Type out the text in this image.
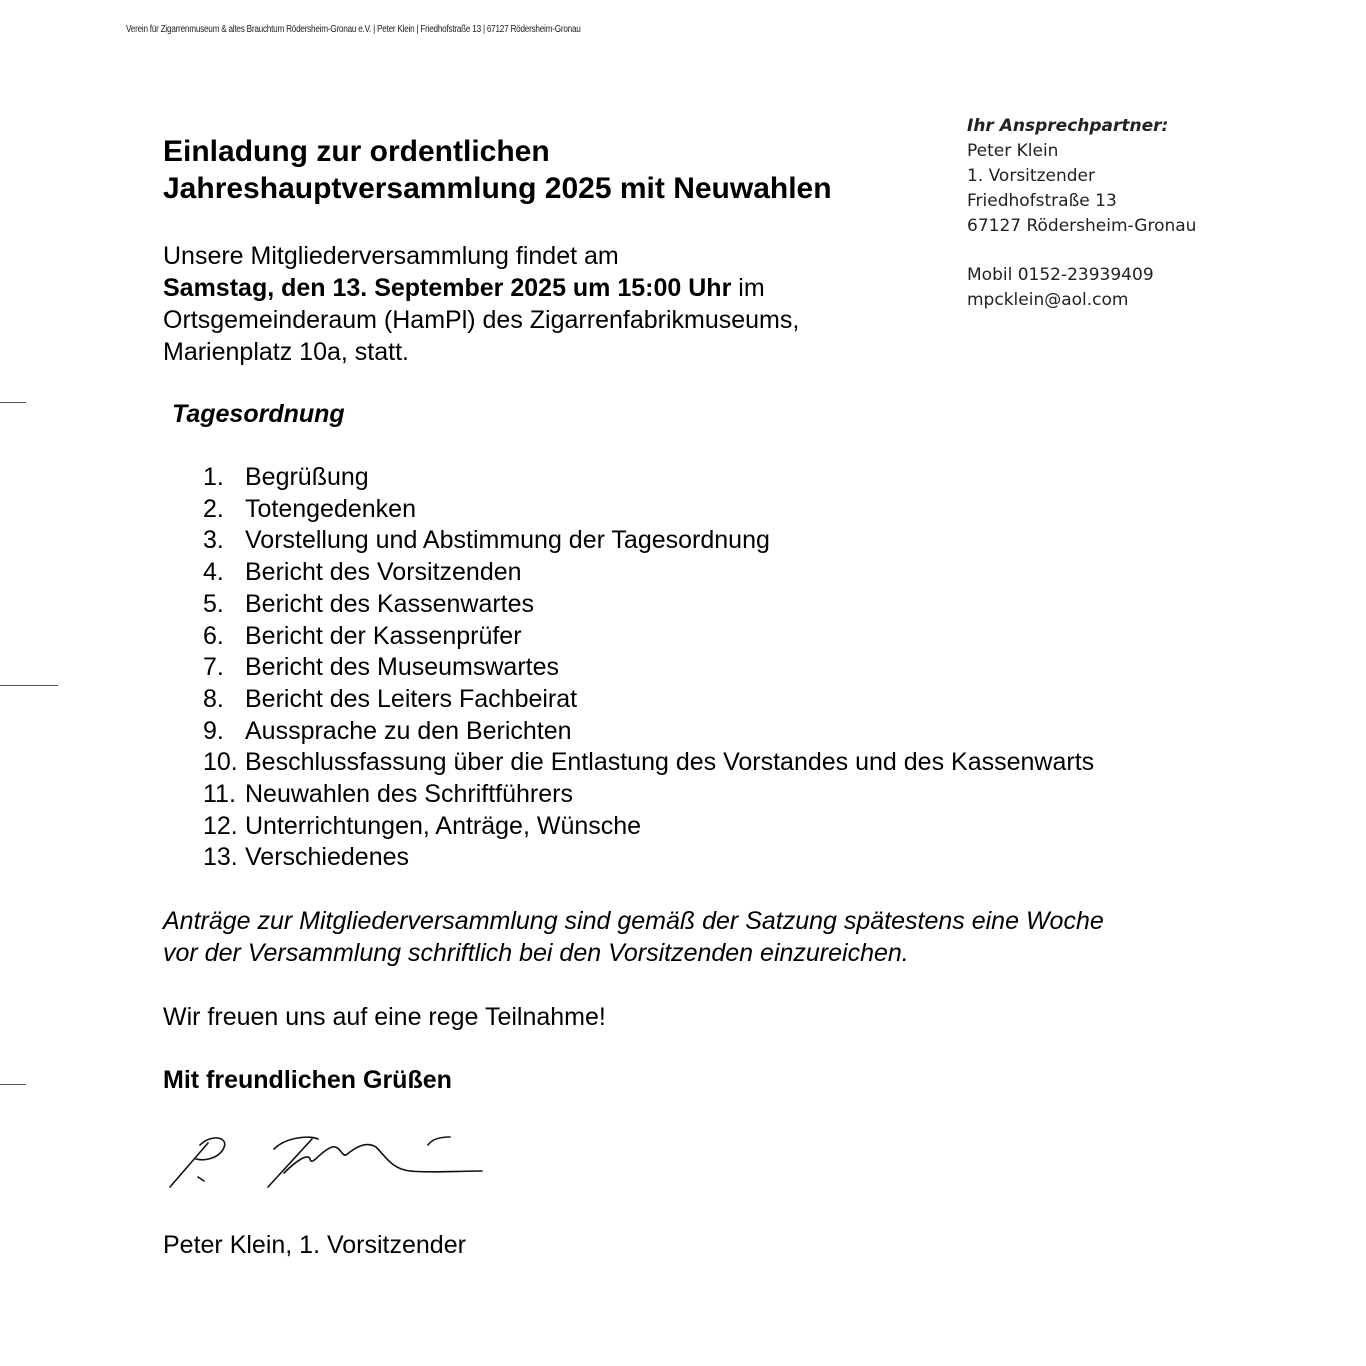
Verein für Zigarrenmuseum & altes Brauchtum Rödersheim-Gronau e.V. | Peter Klein | Friedhofstraße 13 | 67127 Rödersheim-Gronau
Ihr Ansprechpartner:
Peter Klein
1. Vorsitzender
Friedhofstraße 13
67127 Rödersheim-Gronau
Mobil 0152-23939409
mpcklein@aol.com
Einladung zur ordentlichen
Jahreshauptversammlung 2025 mit Neuwahlen

Unsere Mitgliederversammlung findet am
Samstag, den 13. September 2025 um 15:00 Uhr im
Ortsgemeinderaum (HamPl) des Zigarrenfabrikmuseums,
Marienplatz 10a, statt.

Tagesordnung
1. Begrüßung
2. Totengedenken
3. Vorstellung und Abstimmung der Tagesordnung
4. Bericht des Vorsitzenden
5. Bericht des Kassenwartes
6. Bericht der Kassenprüfer
7. Bericht des Museumswartes
8. Bericht des Leiters Fachbeirat
9. Aussprache zu den Berichten
10. Beschlussfassung über die Entlastung des Vorstandes und des Kassenwarts
11. Neuwahlen des Schriftführers
12. Unterrichtungen, Anträge, Wünsche
13. Verschiedenes

Anträge zur Mitgliederversammlung sind gemäß der Satzung spätestens eine Woche
vor der Versammlung schriftlich bei den Vorsitzenden einzureichen.

Wir freuen uns auf eine rege Teilnahme!

Mit freundlichen Grüßen

Peter Klein, 1. Vorsitzender
